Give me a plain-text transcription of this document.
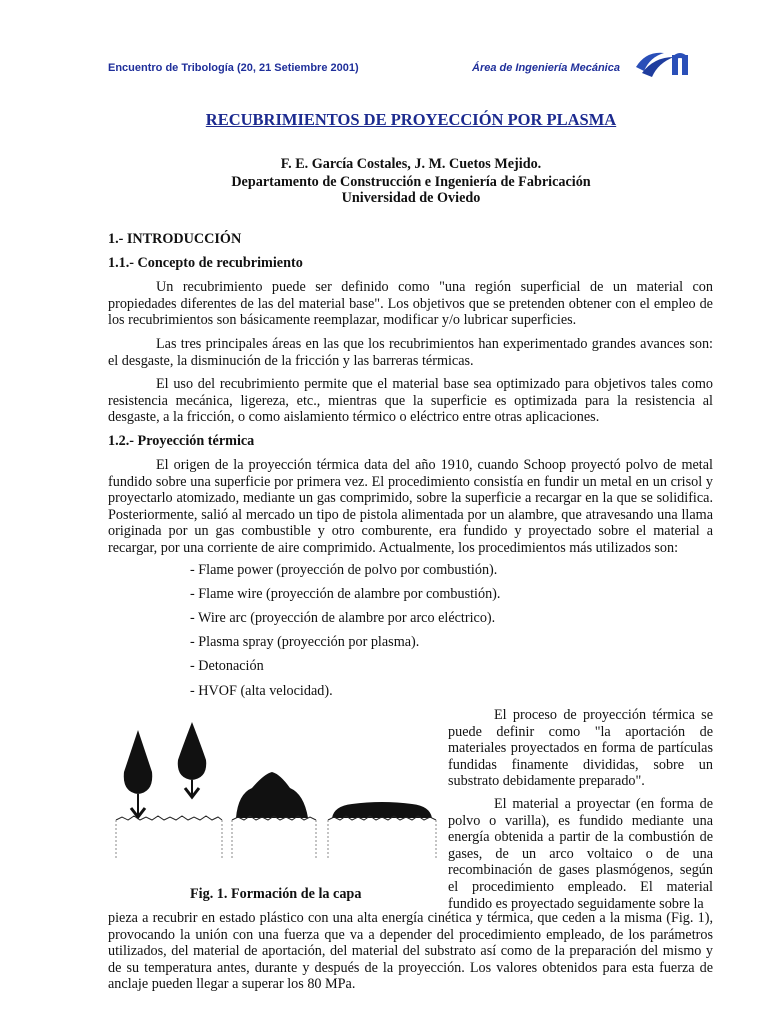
Encuentro de Tribología (20, 21 Setiembre 2001)	Área de Ingeniería Mecánica
RECUBRIMIENTOS DE PROYECCIÓN POR PLASMA
F. E. García Costales, J. M. Cuetos Mejido.
Departamento de Construcción e Ingeniería de Fabricación
Universidad de Oviedo
1.- INTRODUCCIÓN
1.1.- Concepto de recubrimiento

Un recubrimiento puede ser definido como "una región superficial de un material con propiedades diferentes de las del material base". Los objetivos que se pretenden obtener con el empleo de los recubrimientos son básicamente reemplazar, modificar y/o lubricar superficies.

Las tres principales áreas en las que los recubrimientos han experimentado grandes avances son: el desgaste, la disminución de la fricción y las barreras térmicas.

El uso del recubrimiento permite que el material base sea optimizado para objetivos tales como resistencia mecánica, ligereza, etc., mientras que la superficie es optimizada para la resistencia al desgaste, a la fricción, o como aislamiento térmico o eléctrico entre otras aplicaciones.

1.2.- Proyección térmica

El origen de la proyección térmica data del año 1910, cuando Schoop proyectó polvo de metal fundido sobre una superficie por primera vez. El procedimiento consistía en fundir un metal en un crisol y proyectarlo atomizado, mediante un gas comprimido, sobre la superficie a recargar en la que se solidifica. Posteriormente, salió al mercado un tipo de pistola alimentada por un alambre, que atravesando una llama originada por un gas combustible y otro comburente, era fundido y proyectado sobre el material a recargar, por una corriente de aire comprimido. Actualmente, los procedimientos más utilizados son:

- Flame power (proyección de polvo por combustión).
- Flame wire (proyección de alambre por combustión).
- Wire arc (proyección de alambre por arco eléctrico).
- Plasma spray (proyección por plasma).
- Detonación
- HVOF (alta velocidad).
Fig. 1. Formación de la capa

El proceso de proyección térmica se puede definir como "la aportación de materiales proyectados en forma de partículas fundidas finamente divididas, sobre un substrato debidamente preparado".

El material a proyectar (en forma de polvo o varilla), es fundido mediante una energía obtenida a partir de la combustión de gases, de un arco voltaico o de una recombinación de gases plasmógenos, según el procedimiento empleado. El material fundido es proyectado seguidamente sobre la

pieza a recubrir en estado plástico con una alta energía cinética y térmica, que ceden a la misma (Fig. 1), provocando la unión con una fuerza que va a depender del procedimiento empleado, de los parámetros utilizados, del material de aportación, del material del substrato así como de la preparación del mismo y de su temperatura antes, durante y después de la proyección. Los valores obtenidos para esta fuerza de anclaje pueden llegar a superar los 80 MPa.
